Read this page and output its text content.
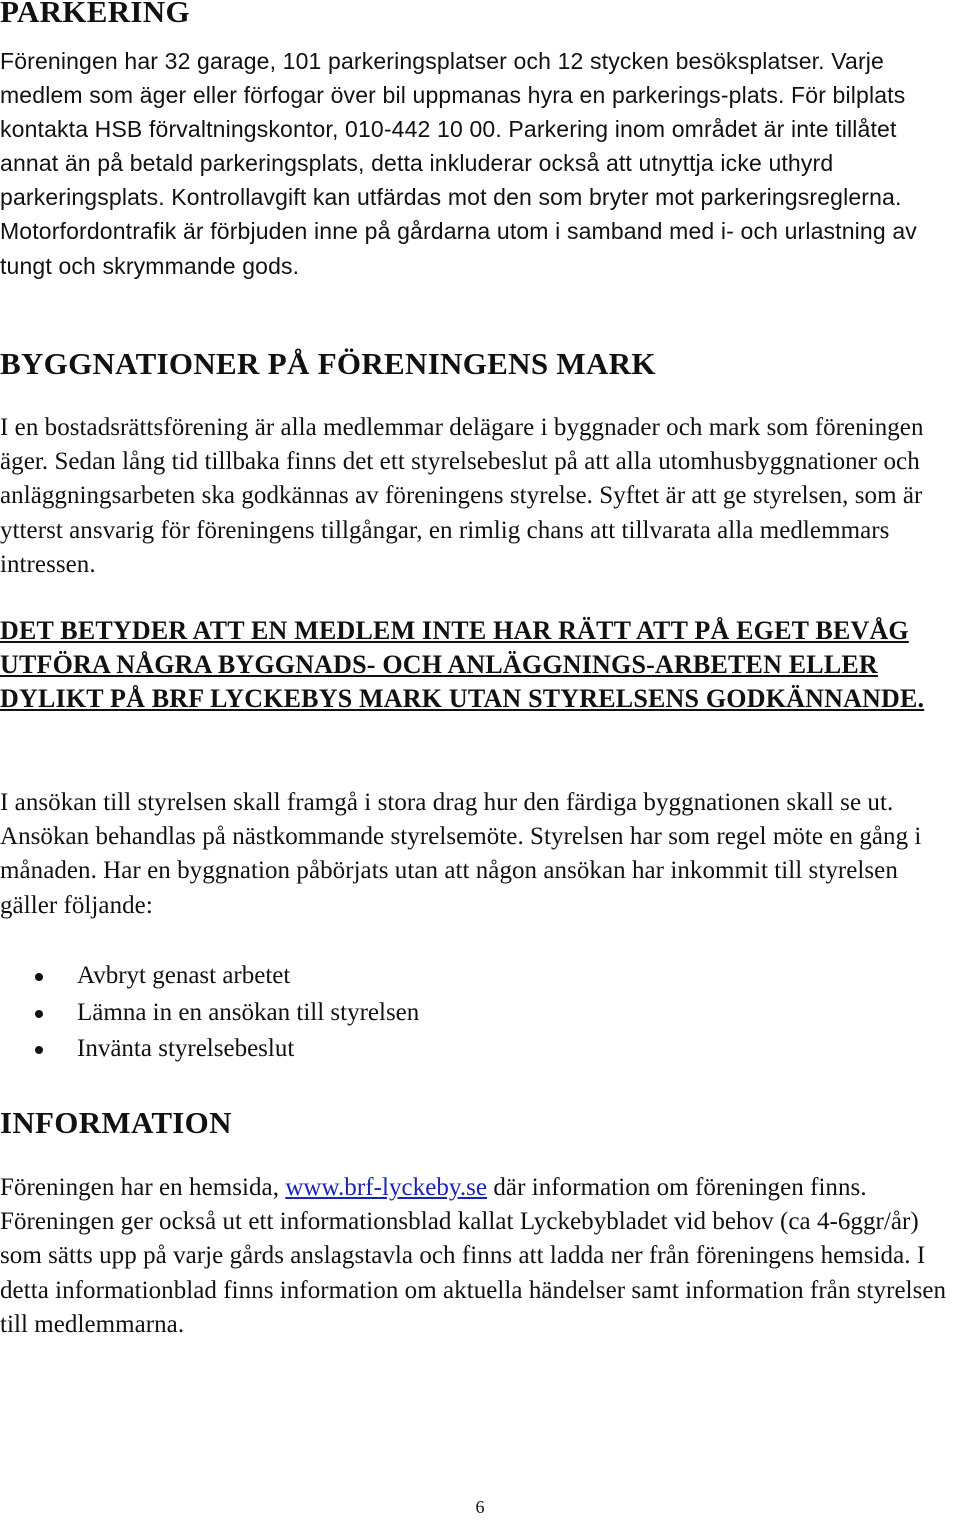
PARKERING

Föreningen har 32 garage, 101 parkeringsplatser och 12 stycken besöksplatser. Varje medlem som äger eller förfogar över bil uppmanas hyra en parkerings-plats. För bilplats kontakta HSB förvaltningskontor, 010-442 10 00. Parkering inom området är inte tillåtet annat än på betald parkeringsplats, detta inkluderar också att utnyttja icke uthyrd parkeringsplats. Kontrollavgift kan utfärdas mot den som bryter mot parkeringsreglerna. Motorfordontrafik är förbjuden inne på gårdarna utom i samband med i- och urlastning av tungt och skrymmande gods.

BYGGNATIONER PÅ FÖRENINGENS MARK

I en bostadsrättsförening är alla medlemmar delägare i byggnader och mark som föreningen äger. Sedan lång tid tillbaka finns det ett styrelsebeslut på att alla utomhusbyggnationer och anläggningsarbeten ska godkännas av föreningens styrelse. Syftet är att ge styrelsen, som är ytterst ansvarig för föreningens tillgångar, en rimlig chans att tillvarata alla medlemmars intressen.

DET BETYDER ATT EN MEDLEM INTE HAR RÄTT ATT PÅ EGET BEVÅG UTFÖRA NÅGRA BYGGNADS- OCH ANLÄGGNINGS-ARBETEN ELLER DYLIKT PÅ BRF LYCKEBYS MARK UTAN STYRELSENS GODKÄNNANDE.

I ansökan till styrelsen skall framgå i stora drag hur den färdiga byggnationen skall se ut. Ansökan behandlas på nästkommande styrelsemöte. Styrelsen har som regel möte en gång i månaden. Har en byggnation påbörjats utan att någon ansökan har inkommit till styrelsen gäller följande:

Avbryt genast arbetet
Lämna in en ansökan till styrelsen
Invänta styrelsebeslut
INFORMATION

Föreningen har en hemsida, www.brf-lyckeby.se där information om föreningen finns. Föreningen ger också ut ett informationsblad kallat Lyckebybladet vid behov (ca 4-6ggr/år) som sätts upp på varje gårds anslagstavla och finns att ladda ner från föreningens hemsida. I detta informationblad finns information om aktuella händelser samt information från styrelsen till medlemmarna.

6
